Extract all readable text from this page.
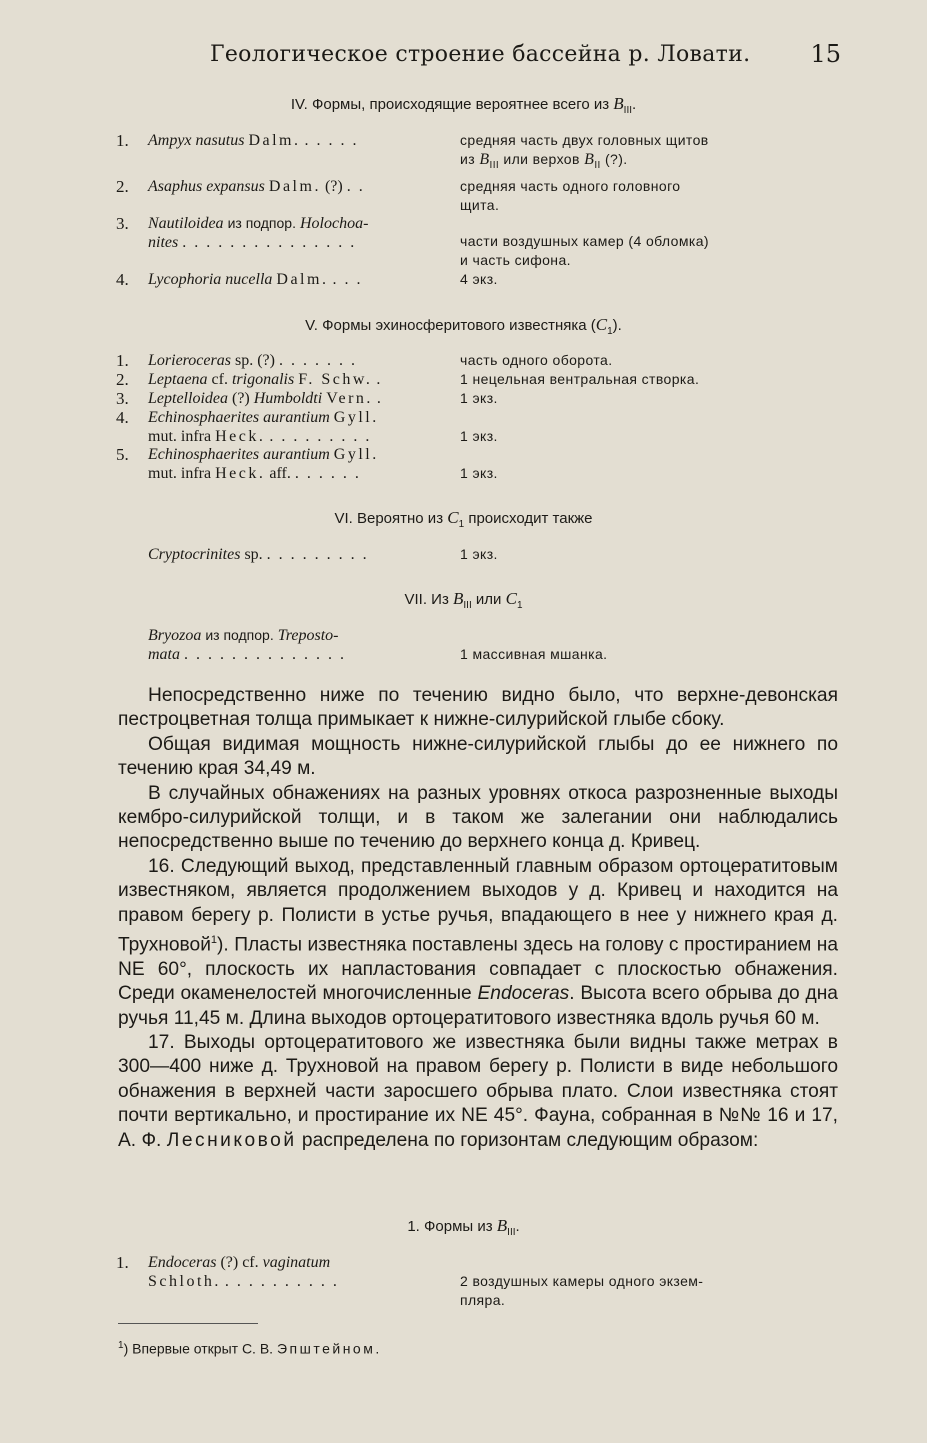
Геологическое строение бассейна р. Ловати.	15
IV. Формы, происходящие вероятнее всего из $B_{III}$.
1.	Ampyx nasutus Dalm. . . . . .	средняя часть двух головных щитов
из $B_{III}$ или верхов $B_{II}$ (?).
2.	Asaphus expansus Dalm. (?) . .	средняя часть одного головного
щита.
3.	Nautiloidea из подпор. Holochoa-
nites . . . . . . . . . . . . . . .	части воздушных камер (4 обломка)
и часть сифона.
4.	Lycophoria nucella Dalm. . . .	4 экз.
V. Формы эхиносферитового известняка $(C_1)$.
1.	Lorieroceras sp. (?) . . . . . . .	часть одного оборота.
2.	Leptaena cf. trigonalis F. Schw. .	1 нецельная вентральная створка.
3.	Leptelloidea (?) Humboldti Vern. .	1 экз.
4.	Echinosphaerites aurantium Gyll.
mut. infra Heck. . . . . . . . . .	1 экз.
5.	Echinosphaerites aurantium Gyll.
mut. infra Heck. aff. . . . . . .	1 экз.
VI. Вероятно из $C_1$ происходит также
Cryptocrinites sp. . . . . . . . . .	1 экз.
VII. Из $B_{III}$ или $C_1$
Bryozoa из подпор. Treposto-
mata . . . . . . . . . . . . . .	1 массивная мшанка.

Непосредственно ниже по течению видно было, что верхне-девонская пестроцветная толща примыкает к нижне-силурийской глыбе сбоку.

Общая видимая мощность нижне-силурийской глыбы до ее нижнего по течению края 34,49 м.

В случайных обнажениях на разных уровнях откоса разрозненные выходы кембро-силурийской толщи, и в таком же залегании они наблюдались непосредственно выше по течению до верхнего конца д. Кривец.

16. Следующий выход, представленный главным образом ортоцератитовым известняком, является продолжением выходов у д. Кривец и находится на правом берегу р. Полисти в устье ручья, впадающего в нее у нижнего края д. Труxновой$^1$). Пласты известняка поставлены здесь на голову с простиранием на NE 60°, плоскость их напластования совпадает с плоскостью обнажения. Среди окаменелостей многочисленные Endoceras. Высота всего обрыва до дна ручья 11,45 м. Длина выходов ортоцератитового известняка вдоль ручья 60 м.

17. Выходы ортоцератитового же известняка были видны также метрах в 300—400 ниже д. Труxновой на правом берегу р. Полисти в виде небольшого обнажения в верхней части заросшего обрыва плато. Слои известняка стоят почти вертикально, и простирание их NE 45°. Фауна, собранная в №№ 16 и 17, А. Ф. Лесниковой распределена по горизонтам следующим образом:

1. Формы из $B_{III}$.
1.	Endoceras (?) cf. vaginatum
Schloth. . . . . . . . . . .	2 воздушных камеры одного экзем-
пляра.
$^1$) Впервые открыт С. В. Эпштейном.
